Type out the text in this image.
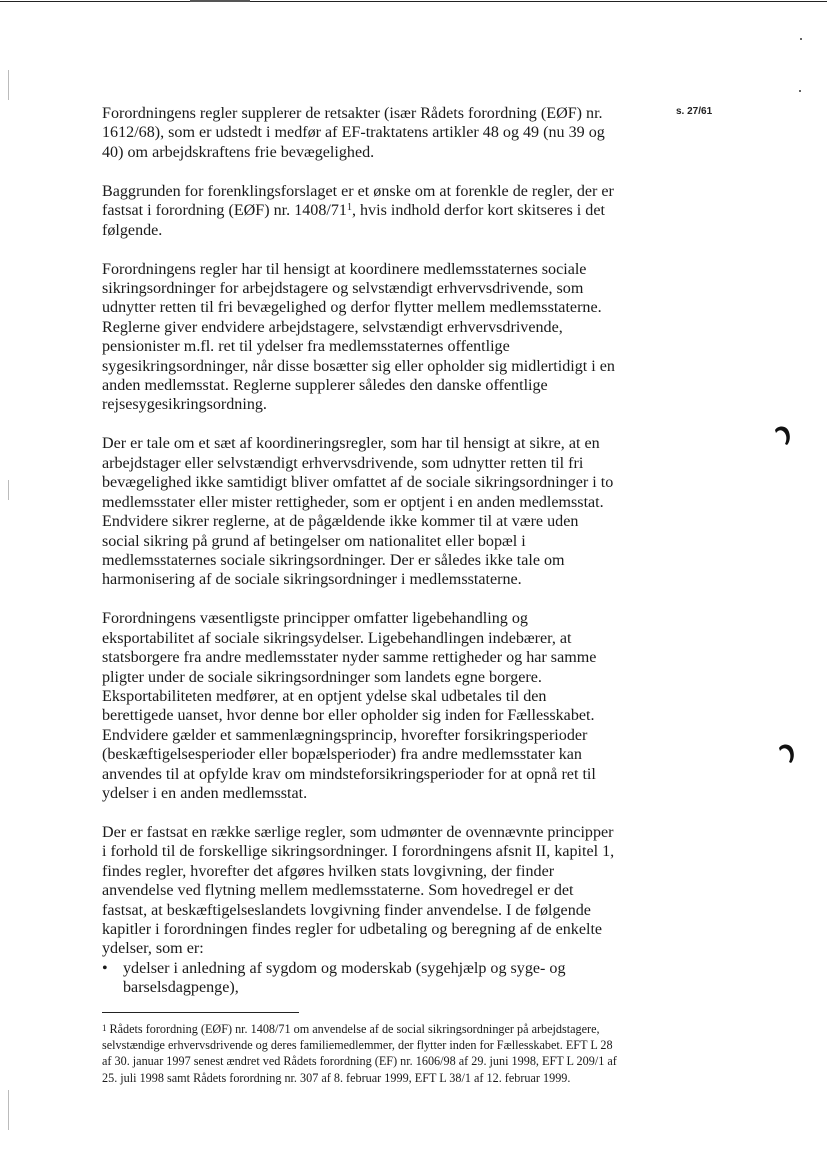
s. 27/61

Forordningens regler supplerer de retsakter (især Rådets forordning (EØF) nr. 1612/68), som er udstedt i medfør af EF-traktatens artikler 48 og 49 (nu 39 og 40) om arbejdskraftens frie bevægelighed.

Baggrunden for forenklingsforslaget er et ønske om at forenkle de regler, der er fastsat i forordning (EØF) nr. $1408/71^1$, hvis indhold derfor kort skitseres i det følgende.

Forordningens regler har til hensigt at koordinere medlemsstaternes sociale sikringsordninger for arbejdstagere og selvstændigt erhvervsdrivende, som udnytter retten til fri bevægelighed og derfor flytter mellem medlemsstaterne. Reglerne giver endvidere arbejdstagere, selvstændigt erhvervsdrivende, pensionister m.fl. ret til ydelser fra medlemsstaternes offentlige sygesikringsordninger, når disse bosætter sig eller opholder sig midlertidigt i en anden medlemsstat. Reglerne supplerer således den danske offentlige rejsesygesikringsordning.

Der er tale om et sæt af koordineringsregler, som har til hensigt at sikre, at en arbejdstager eller selvstændigt erhvervsdrivende, som udnytter retten til fri bevægelighed ikke samtidigt bliver omfattet af de sociale sikringsordninger i to medlemsstater eller mister rettigheder, som er optjent i en anden medlemsstat. Endvidere sikrer reglerne, at de pågældende ikke kommer til at være uden social sikring på grund af betingelser om nationalitet eller bopæl i medlemsstaternes sociale sikringsordninger. Der er således ikke tale om harmonisering af de sociale sikringsordninger i medlemsstaterne.

Forordningens væsentligste principper omfatter ligebehandling og eksportabilitet af sociale sikringsydelser. Ligebehandlingen indebærer, at statsborgere fra andre medlemsstater nyder samme rettigheder og har samme pligter under de sociale sikringsordninger som landets egne borgere. Eksportabiliteten medfører, at en optjent ydelse skal udbetales til den berettigede uanset, hvor denne bor eller opholder sig inden for Fællesskabet. Endvidere gælder et sammenlægningsprincip, hvorefter forsikringsperioder (beskæftigelsesperioder eller bopælsperioder) fra andre medlemsstater kan anvendes til at opfylde krav om mindsteforsikringsperioder for at opnå ret til ydelser i en anden medlemsstat.

Der er fastsat en række særlige regler, som udmønter de ovennævnte principper i forhold til de forskellige sikringsordninger. I forordningens afsnit II, kapitel 1, findes regler, hvorefter det afgøres hvilken stats lovgivning, der finder anvendelse ved flytning mellem medlemsstaterne. Som hovedregel er det fastsat, at beskæftigelseslandets lovgivning finder anvendelse. I de følgende kapitler i forordningen findes regler for udbetaling og beregning af de enkelte ydelser, som er:

• ydelser i anledning af sygdom og moderskab (sygehjælp og syge- og barselsdagpenge),
$^1$ Rådets forordning (EØF) nr. 1408/71 om anvendelse af de social sikringsordninger på arbejdstagere, selvstændige erhvervsdrivende og deres familiemedlemmer, der flytter inden for Fællesskabet. EFT L 28 af 30. januar 1997 senest ændret ved Rådets forordning (EF) nr. 1606/98 af 29. juni 1998, EFT L 209/1 af 25. juli 1998 samt Rådets forordning nr. 307 af 8. februar 1999, EFT L 38/1 af 12. februar 1999.
